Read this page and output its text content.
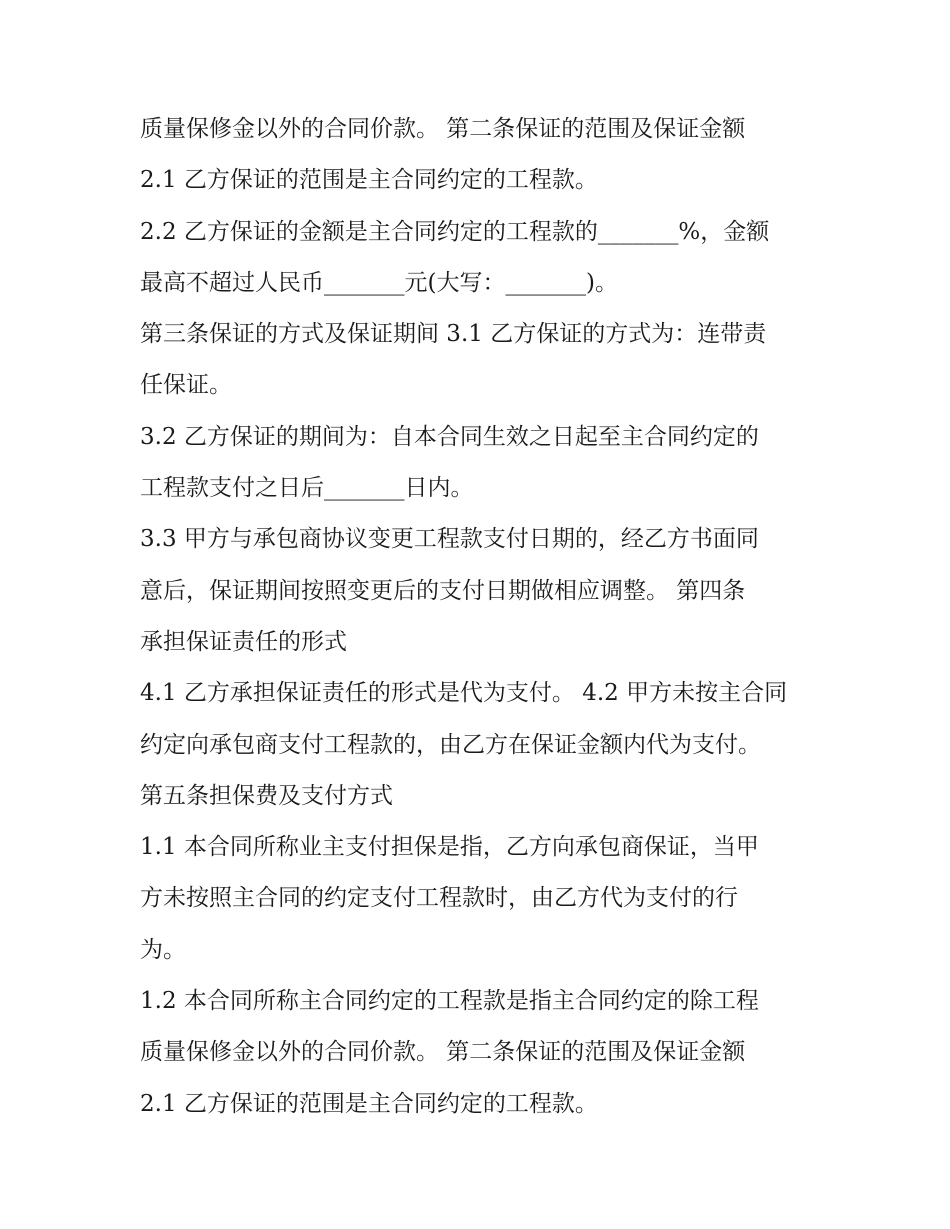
质量保修金以外的合同价款。 第二条保证的范围及保证金额
2.1 乙方保证的范围是主合同约定的工程款。
2.2 乙方保证的金额是主合同约定的工程款的_______%，金额
最高不超过人民币_______元(大写：_______)。
第三条保证的方式及保证期间 3.1 乙方保证的方式为：连带责
任保证。
3.2 乙方保证的期间为：自本合同生效之日起至主合同约定的
工程款支付之日后_______日内。
3.3 甲方与承包商协议变更工程款支付日期的，经乙方书面同
意后，保证期间按照变更后的支付日期做相应调整。 第四条
承担保证责任的形式
4.1 乙方承担保证责任的形式是代为支付。 4.2 甲方未按主合同
约定向承包商支付工程款的，由乙方在保证金额内代为支付。
第五条担保费及支付方式
1.1 本合同所称业主支付担保是指，乙方向承包商保证，当甲
方未按照主合同的约定支付工程款时，由乙方代为支付的行
为。
1.2 本合同所称主合同约定的工程款是指主合同约定的除工程
质量保修金以外的合同价款。 第二条保证的范围及保证金额
2.1 乙方保证的范围是主合同约定的工程款。
